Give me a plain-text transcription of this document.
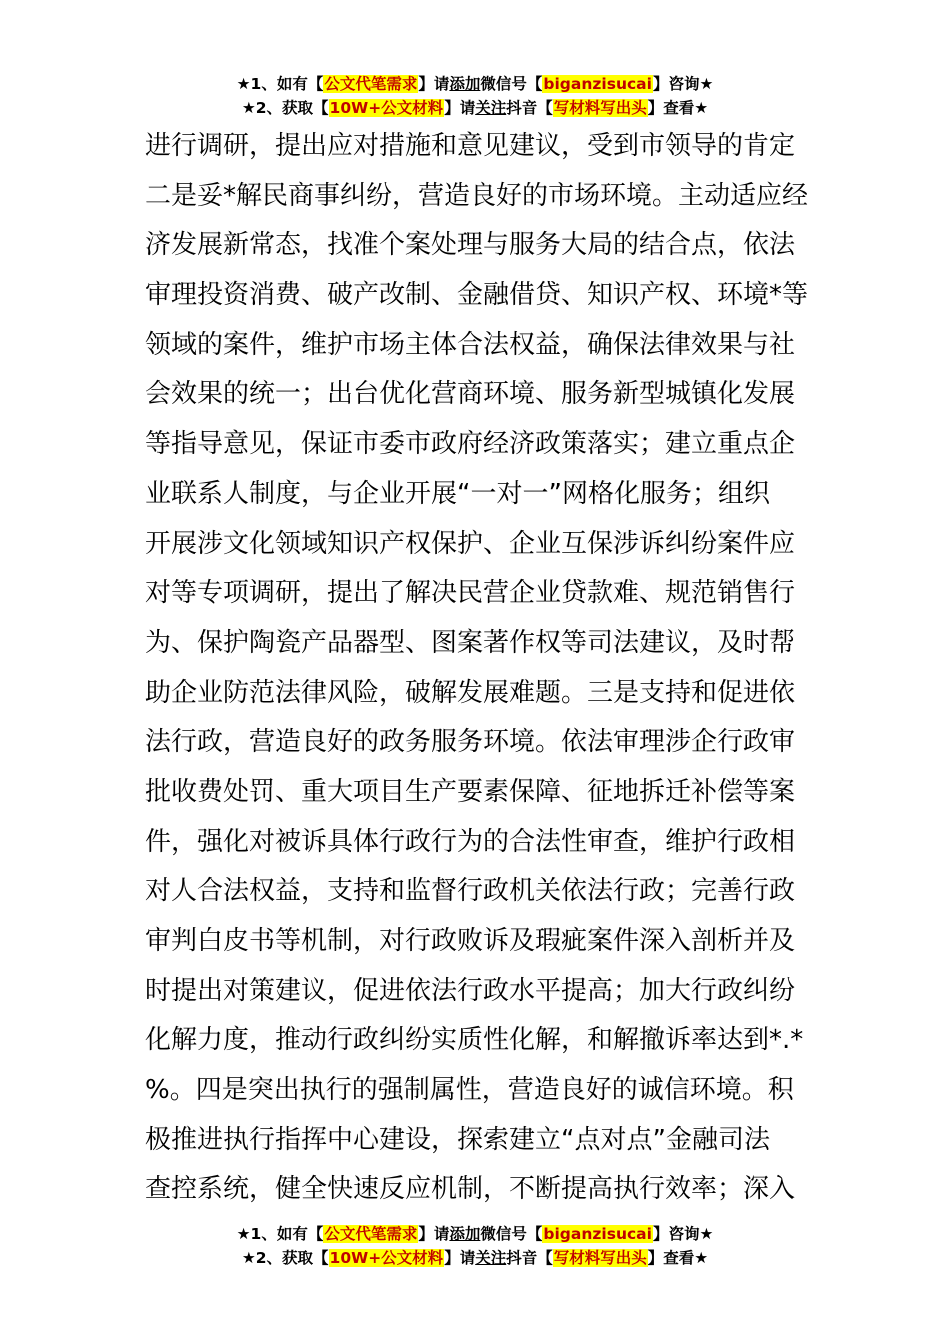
★1、如有【公文代笔需求】请添加微信号【biganzisucai】咨询★
★2、获取【10W+公文材料】请关注抖音【写材料写出头】查看★
进行调研，提出应对措施和意见建议，受到市领导的肯定
二是妥*解民商事纠纷，营造良好的市场环境。主动适应经
济发展新常态，找准个案处理与服务大局的结合点，依法
审理投资消费、破产改制、金融借贷、知识产权、环境*等
领域的案件，维护市场主体合法权益，确保法律效果与社
会效果的统一；出台优化营商环境、服务新型城镇化发展
等指导意见，保证市委市政府经济政策落实；建立重点企
业联系人制度，与企业开展“一对一”网格化服务；组织
开展涉文化领域知识产权保护、企业互保涉诉纠纷案件应
对等专项调研，提出了解决民营企业贷款难、规范销售行
为、保护陶瓷产品器型、图案著作权等司法建议，及时帮
助企业防范法律风险，破解发展难题。三是支持和促进依
法行政，营造良好的政务服务环境。依法审理涉企行政审
批收费处罚、重大项目生产要素保障、征地拆迁补偿等案
件，强化对被诉具体行政行为的合法性审查，维护行政相
对人合法权益，支持和监督行政机关依法行政；完善行政
审判白皮书等机制，对行政败诉及瑕疵案件深入剖析并及
时提出对策建议，促进依法行政水平提高；加大行政纠纷
化解力度，推动行政纠纷实质性化解，和解撤诉率达到*.*
%。四是突出执行的强制属性，营造良好的诚信环境。积
极推进执行指挥中心建设，探索建立“点对点”金融司法
查控系统，健全快速反应机制，不断提高执行效率；深入
★1、如有【公文代笔需求】请添加微信号【biganzisucai】咨询★
★2、获取【10W+公文材料】请关注抖音【写材料写出头】查看★
